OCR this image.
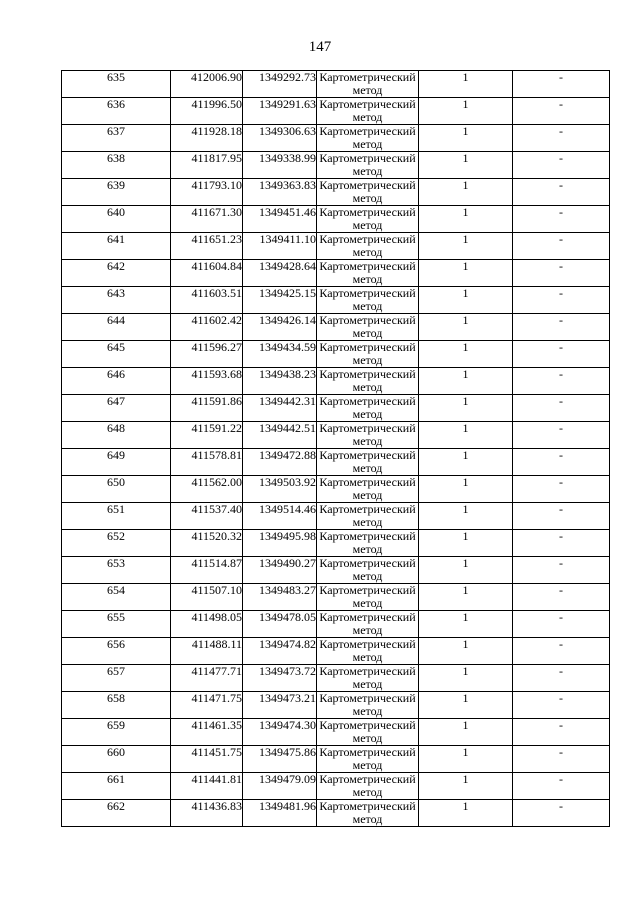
147
635	412006.90	1349292.73	Картометрический метод	1	-
636	411996.50	1349291.63	Картометрический метод	1	-
637	411928.18	1349306.63	Картометрический метод	1	-
638	411817.95	1349338.99	Картометрический метод	1	-
639	411793.10	1349363.83	Картометрический метод	1	-
640	411671.30	1349451.46	Картометрический метод	1	-
641	411651.23	1349411.10	Картометрический метод	1	-
642	411604.84	1349428.64	Картометрический метод	1	-
643	411603.51	1349425.15	Картометрический метод	1	-
644	411602.42	1349426.14	Картометрический метод	1	-
645	411596.27	1349434.59	Картометрический метод	1	-
646	411593.68	1349438.23	Картометрический метод	1	-
647	411591.86	1349442.31	Картометрический метод	1	-
648	411591.22	1349442.51	Картометрический метод	1	-
649	411578.81	1349472.88	Картометрический метод	1	-
650	411562.00	1349503.92	Картометрический метод	1	-
651	411537.40	1349514.46	Картометрический метод	1	-
652	411520.32	1349495.98	Картометрический метод	1	-
653	411514.87	1349490.27	Картометрический метод	1	-
654	411507.10	1349483.27	Картометрический метод	1	-
655	411498.05	1349478.05	Картометрический метод	1	-
656	411488.11	1349474.82	Картометрический метод	1	-
657	411477.71	1349473.72	Картометрический метод	1	-
658	411471.75	1349473.21	Картометрический метод	1	-
659	411461.35	1349474.30	Картометрический метод	1	-
660	411451.75	1349475.86	Картометрический метод	1	-
661	411441.81	1349479.09	Картометрический метод	1	-
662	411436.83	1349481.96	Картометрический метод	1	-
